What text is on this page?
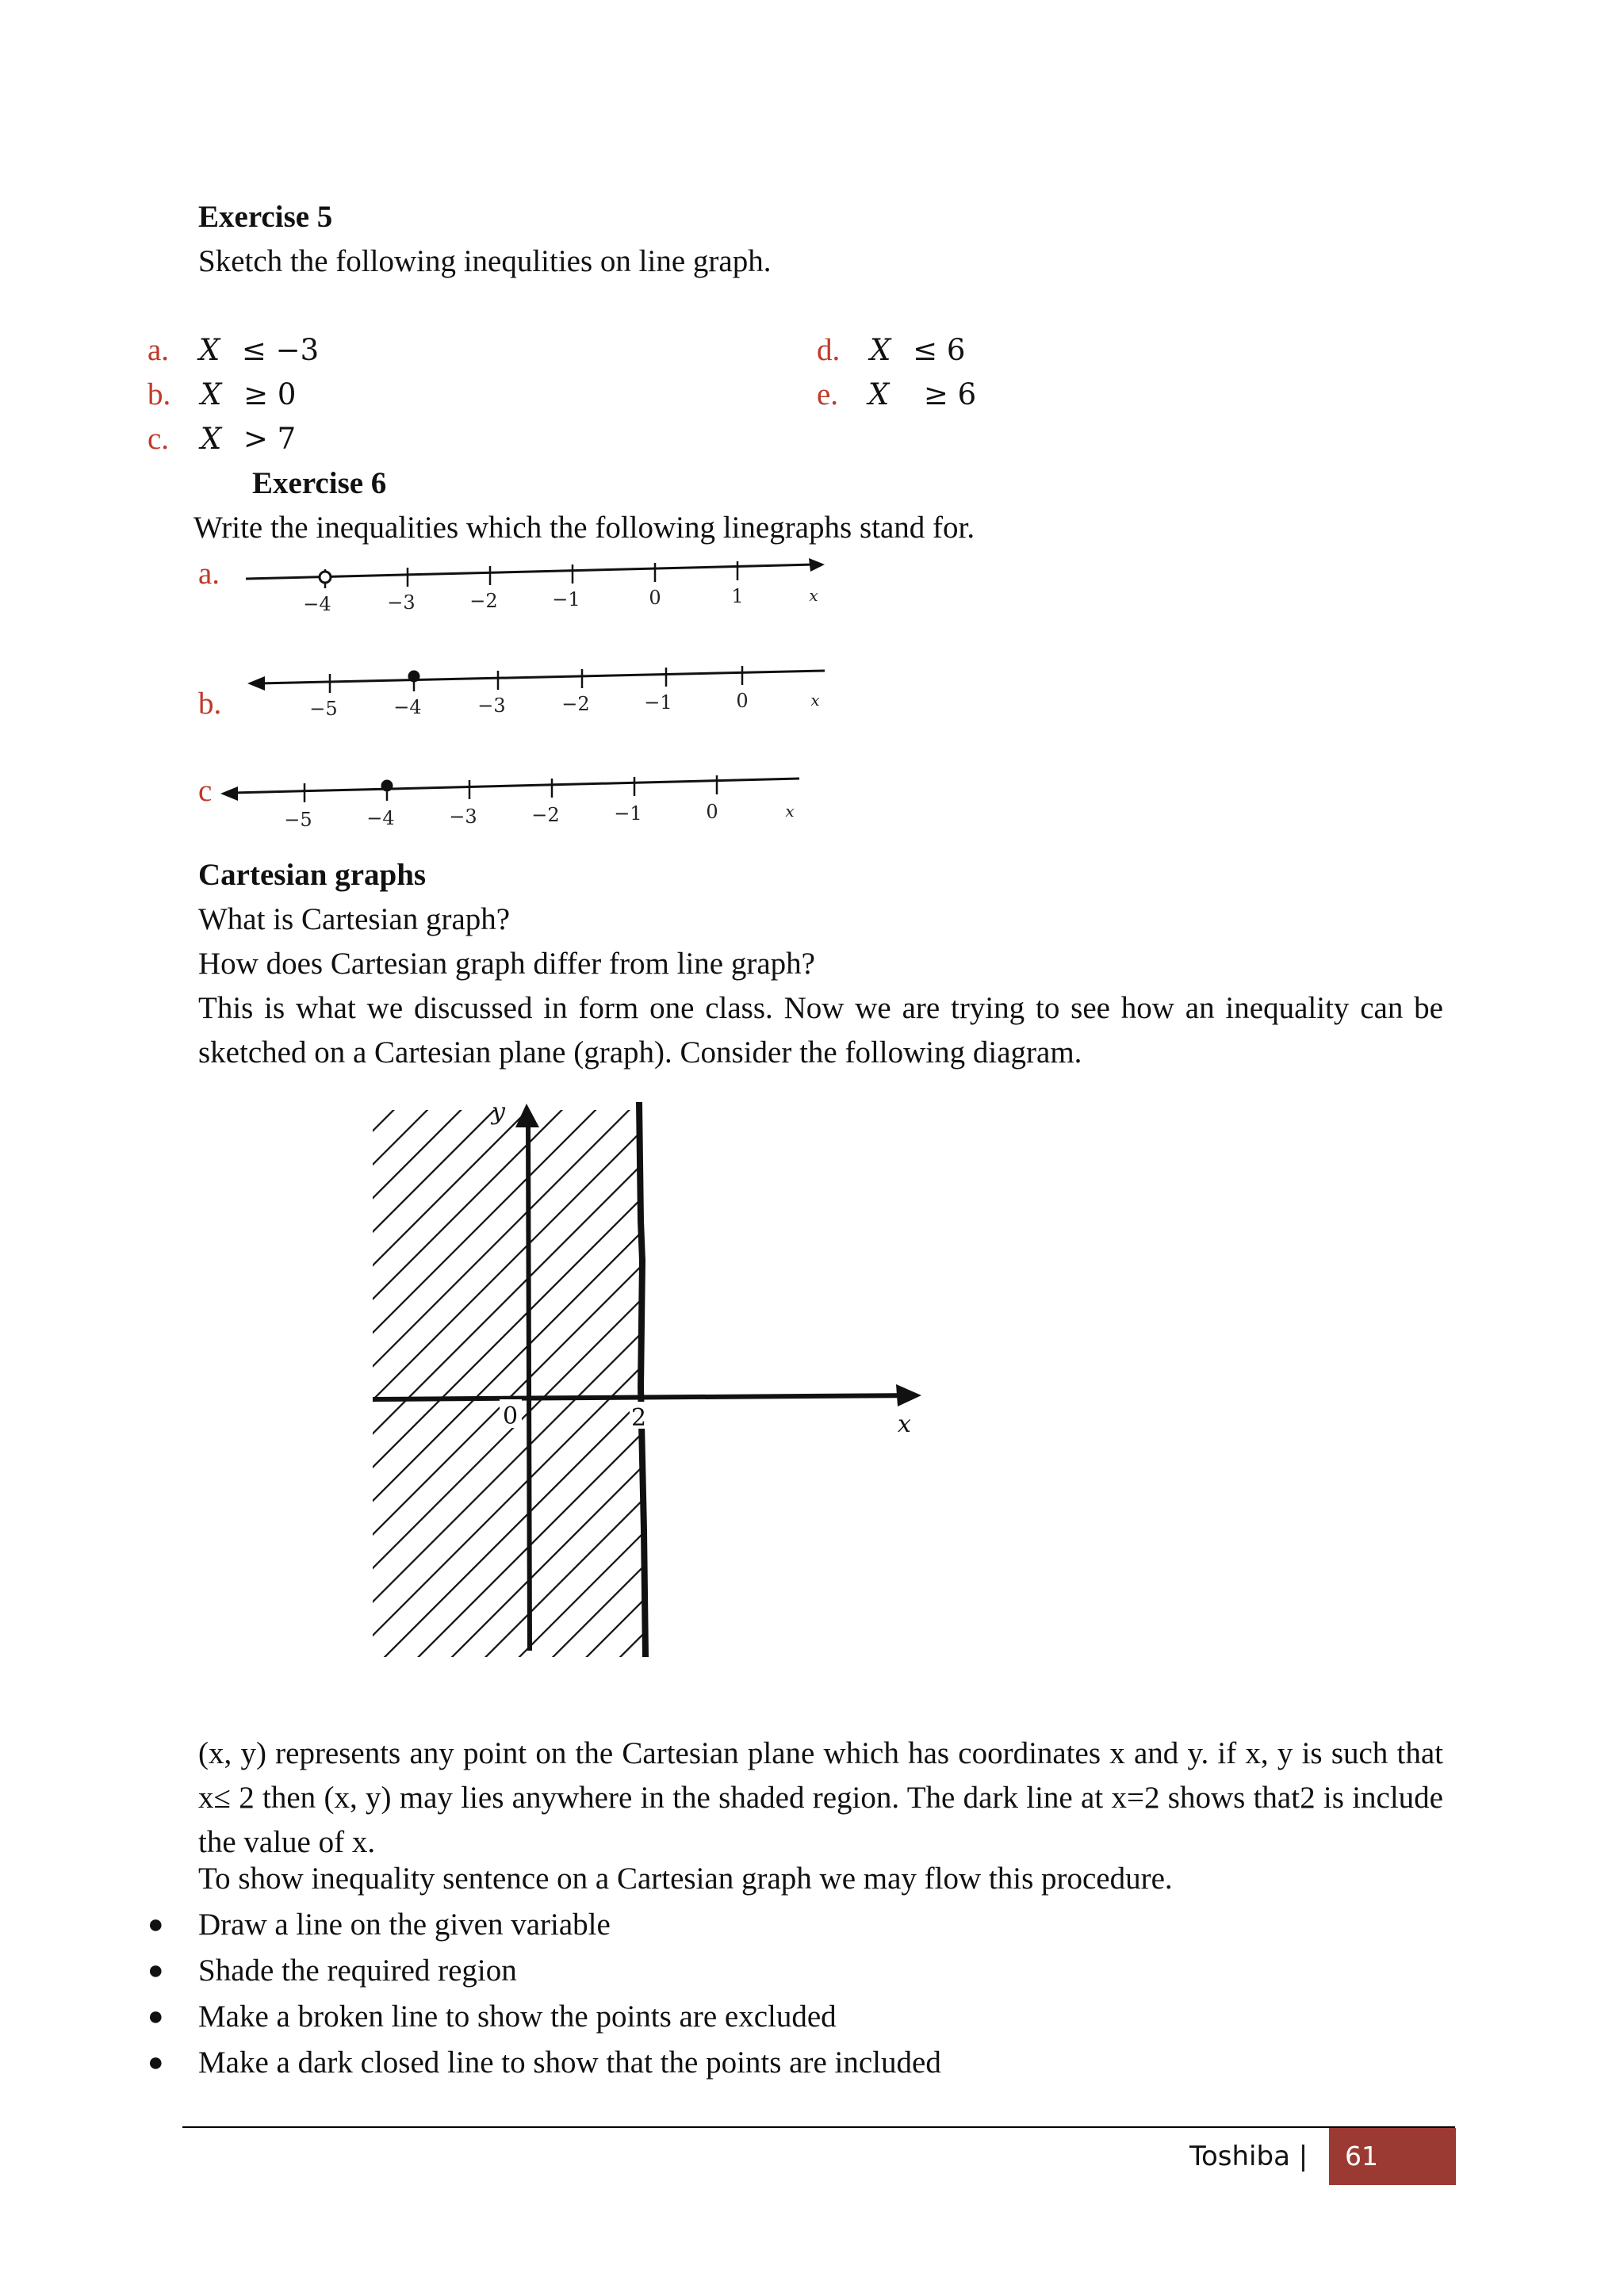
Exercise 5
Sketch the following inequlities on line graph.
a. X ≤ −3
b. X ≥ 0
c. X > 7
d. X ≤ 6
e. X ≥ 6
Exercise 6
Write the inequalities which the following linegraphs stand for.
a.
−4	−3	−2	−1	0	1	x
b.	−5	−4	−3	−2	−1	0	x
c
−5	−4	−3	−2	−1	0	x
Cartesian graphs
What is Cartesian graph?
How does Cartesian graph differ from line graph?
This is what we discussed in form one class. Now we are trying to see how an inequality can be sketched on a Cartesian plane (graph). Consider the following diagram.
0	2
y
x
(x, y) represents any point on the Cartesian plane which has coordinates x and y. if x, y is such that x≤ 2 then (x, y) may lies anywhere in the shaded region. The dark line at x=2 shows that2 is include the value of x.
To show inequality sentence on a Cartesian graph we may flow this procedure.
● Draw a line on the given variable
● Shade the required region
● Make a broken line to show the points are excluded
● Make a dark closed line to show that the points are included
Toshiba |	61
